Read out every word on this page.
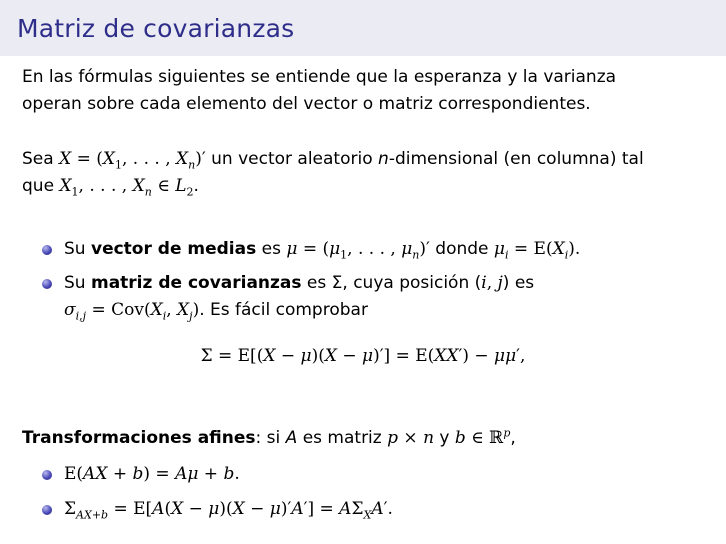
Matriz de covarianzas
En las fórmulas siguientes se entiende que la esperanza y la varianza
operan sobre cada elemento del vector o matriz correspondientes.
Sea $X = (X_1$, . . . , $X_n)'$ un vector aleatorio n-dimensional (en columna) tal
que $X_1$, . . . , $X_n$ ∈ $L_2$.
Su vector de medias es $\mu = (\mu_1$, . . . , $\mu_n)'$ donde $\mu_i = E(X_i)$.
Su matriz de covarianzas es Σ, cuya posición (i, j) es
$\sigma_{i,j} = Cov(X_i$, $X_j$). Es fácil comprobar
Σ = E[(X − μ)(X − μ)′] = E(XX′) − μμ′,
Transformaciones afines: si A es matriz p × n y b ∈ ℝ$^p$,
E(AX + b) = Aμ + b.
$\Sigma_{AX+b} = E[A(X - \mu)(X - \mu)'A'] = A\Sigma_XA'$.
